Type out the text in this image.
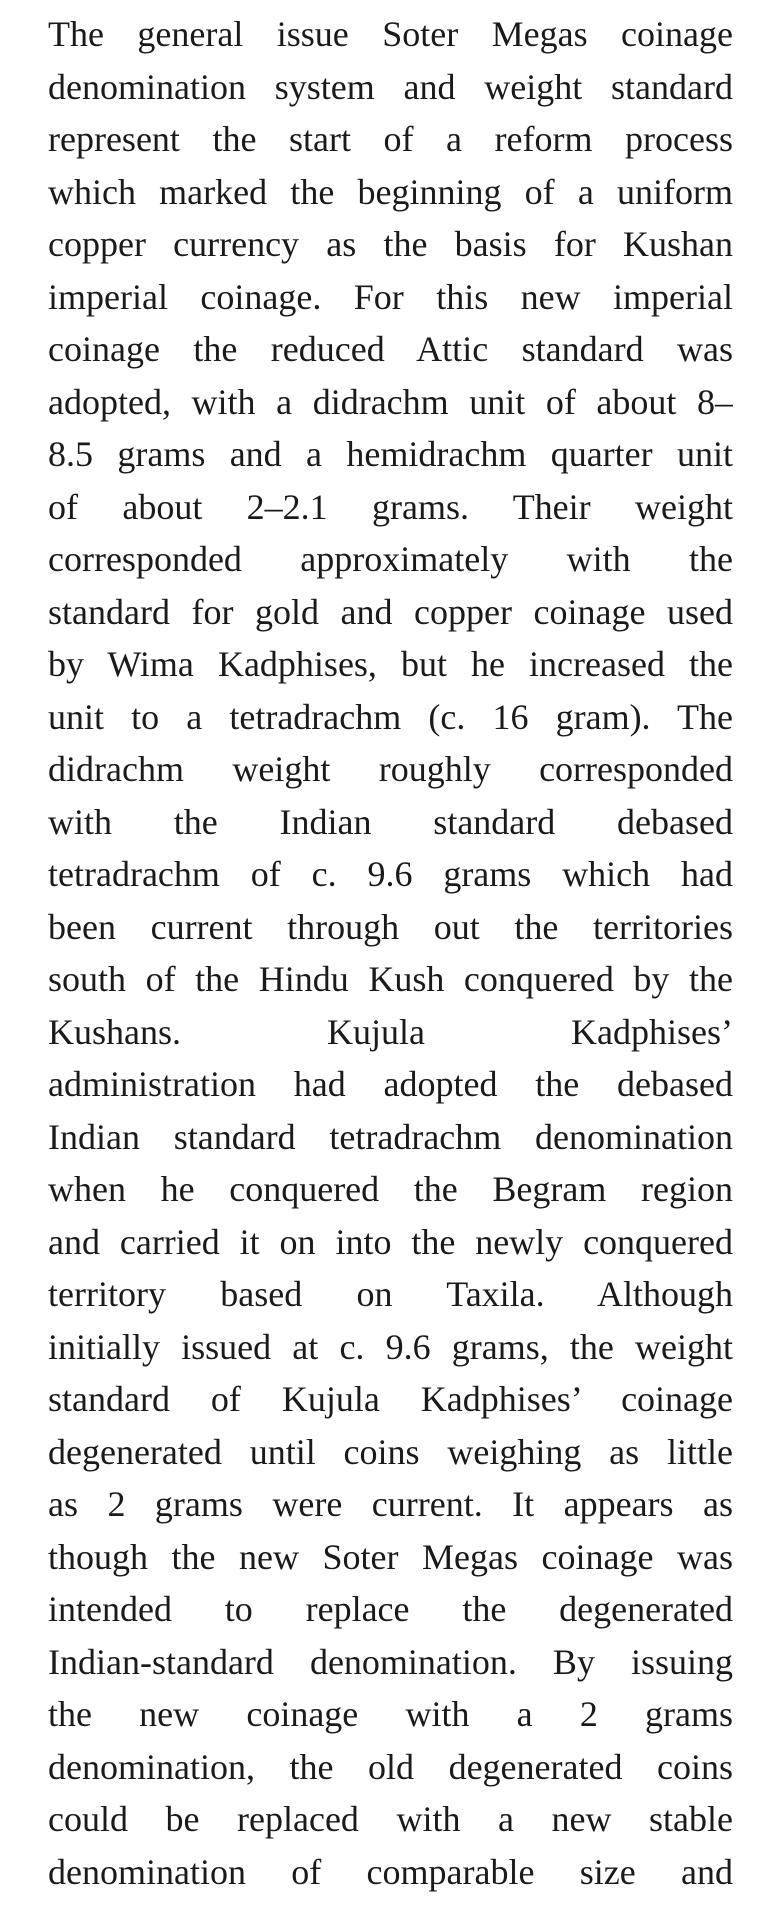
The general issue Soter Megas coinage
denomination system and weight standard
represent the start of a reform process
which marked the beginning of a uniform
copper currency as the basis for Kushan
imperial coinage. For this new imperial
coinage the reduced Attic standard was
adopted, with a didrachm unit of about 8–
8.5 grams and a hemidrachm quarter unit
of about 2–2.1 grams. Their weight
corresponded approximately with the
standard for gold and copper coinage used
by Wima Kadphises, but he increased the
unit to a tetradrachm (c. 16 gram). The
didrachm weight roughly corresponded
with the Indian standard debased
tetradrachm of c. 9.6 grams which had
been current through out the territories
south of the Hindu Kush conquered by the
Kushans. Kujula Kadphises’
administration had adopted the debased
Indian standard tetradrachm denomination
when he conquered the Begram region
and carried it on into the newly conquered
territory based on Taxila. Although
initially issued at c. 9.6 grams, the weight
standard of Kujula Kadphises’ coinage
degenerated until coins weighing as little
as 2 grams were current. It appears as
though the new Soter Megas coinage was
intended to replace the degenerated
Indian-standard denomination. By issuing
the new coinage with a 2 grams
denomination, the old degenerated coins
could be replaced with a new stable
denomination of comparable size and
